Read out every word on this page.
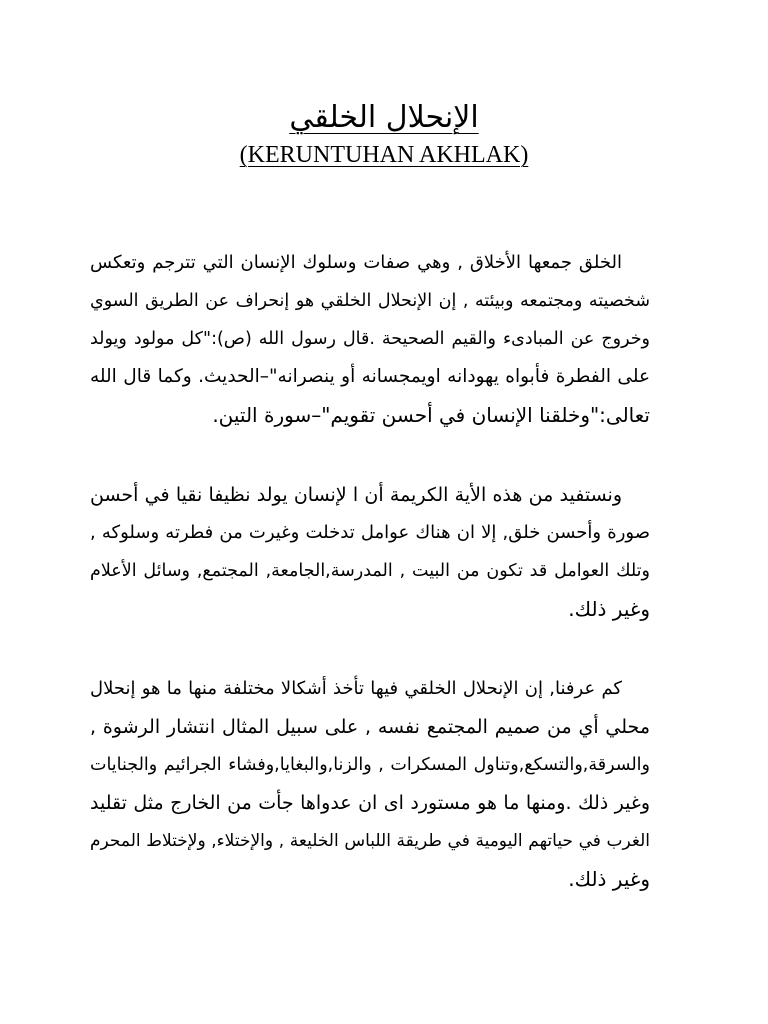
الإنحلال الخلقي
(KERUNTUHAN AKHLAK)
الخلق جمعها الأخلاق , وهي صفات وسلوك الإنسان التي تترجم وتعكس
شخصيته ومجتمعه وبيئته , إن الإنحلال الخلقي هو إنحراف عن الطريق السوي
وخروج عن المبادىء والقيم الصحيحة .قال رسول الله (ص):"كل مولود ويولد
على الفطرة فأبواه يهودانه اويمجسانه أو ينصرانه"–الحديث. وكما قال الله
تعالى:"وخلقنا الإنسان في أحسن تقويم"–سورة التين.
ونستفيد من هذه الأية الكريمة أن ا لإنسان يولد نظيفا نقيا في أحسن
صورة وأحسن خلق, إلا ان هناك عوامل تدخلت وغيرت من فطرته وسلوكه ,
وتلك العوامل قد تكون من البيت , المدرسة,الجامعة, المجتمع, وسائل الأعلام
وغير ذلك.
كم عرفنا, إن الإنحلال الخلقي فيها تأخذ أشكالا مختلفة منها ما هو إنحلال
محلي أي من صميم المجتمع نفسه , على سبيل المثال انتشار الرشوة ,
والسرقة,والتسكع,وتناول المسكرات , والزنا,والبغايا,وفشاء الجرائيم والجنايات
وغير ذلك .ومنها ما هو مستورد اى ان عدواها جأت من الخارج مثل تقليد
الغرب في حياتهم اليومية في طريقة اللباس الخليعة , والإختلاء, ولإختلاط المحرم
وغير ذلك.
